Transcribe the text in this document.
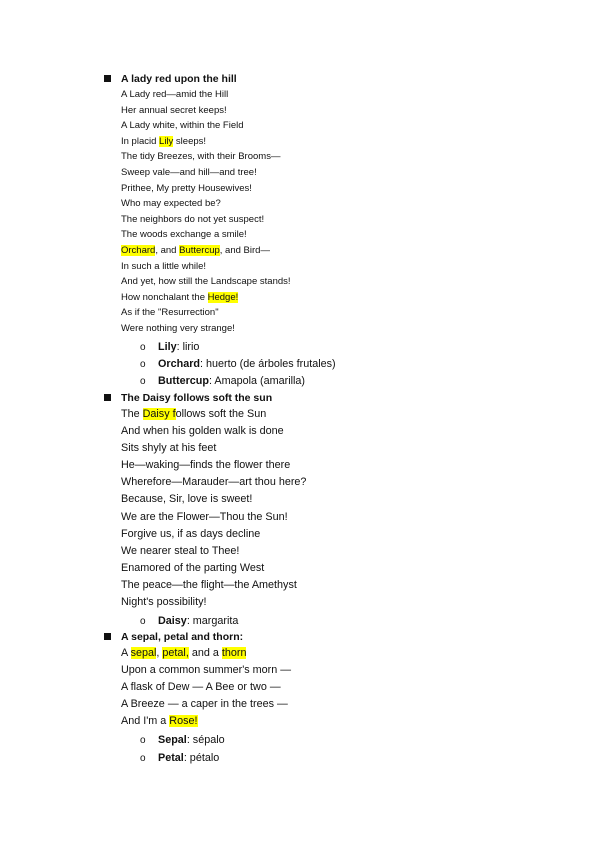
A lady red upon the hill
A Lady red—amid the Hill
Her annual secret keeps!
A Lady white, within the Field
In placid Lily sleeps!
The tidy Breezes, with their Brooms—
Sweep vale—and hill—and tree!
Prithee, My pretty Housewives!
Who may expected be?
The neighbors do not yet suspect!
The woods exchange a smile!
Orchard, and Buttercup, and Bird—
In such a little while!
And yet, how still the Landscape stands!
How nonchalant the Hedge!
As if the "Resurrection"
Were nothing very strange!
o Lily: lirio
o Orchard: huerto (de árboles frutales)
o Buttercup: Amapola (amarilla)
The Daisy follows soft the sun
The Daisy follows soft the Sun
And when his golden walk is done
Sits shyly at his feet
He—waking—finds the flower there
Wherefore—Marauder—art thou here?
Because, Sir, love is sweet!
We are the Flower—Thou the Sun!
Forgive us, if as days decline
We nearer steal to Thee!
Enamored of the parting West
The peace—the flight—the Amethyst
Night's possibility!
o Daisy: margarita
A sepal, petal and thorn:
A sepal, petal, and a thorn
Upon a common summer's morn —
A flask of Dew — A Bee or two —
A Breeze — a caper in the trees —
And I'm a Rose!
o Sepal: sépalo
o Petal: pétalo
